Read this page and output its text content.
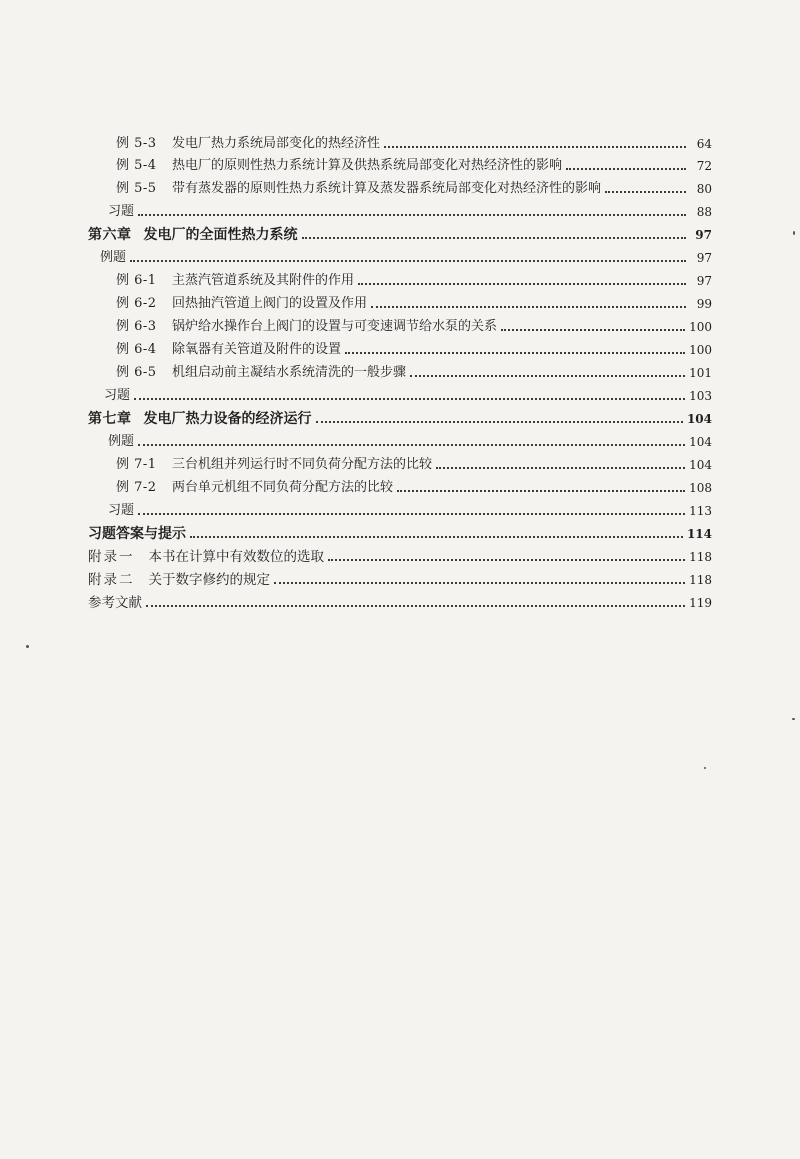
例 5-3	发电厂热力系统局部变化的热经济性	64
例 5-4	热电厂的原则性热力系统计算及供热系统局部变化对热经济性的影响	72
例 5-5	带有蒸发器的原则性热力系统计算及蒸发器系统局部变化对热经济性的影响	80
习题	88
第六章 发电厂的全面性热力系统	97
例题	97
例 6-1	主蒸汽管道系统及其附件的作用	97
例 6-2	回热抽汽管道上阀门的设置及作用	99
例 6-3	锅炉给水操作台上阀门的设置与可变速调节给水泵的关系	100
例 6-4	除氧器有关管道及附件的设置	100
例 6-5	机组启动前主凝结水系统清洗的一般步骤	101
习题	103
第七章 发电厂热力设备的经济运行	104
例题	104
例 7-1	三台机组并列运行时不同负荷分配方法的比较	104
例 7-2	两台单元机组不同负荷分配方法的比较	108
习题	113
习题答案与提示	114
附录一 本书在计算中有效数位的选取	118
附录二 关于数字修约的规定	118
参考文献	119
